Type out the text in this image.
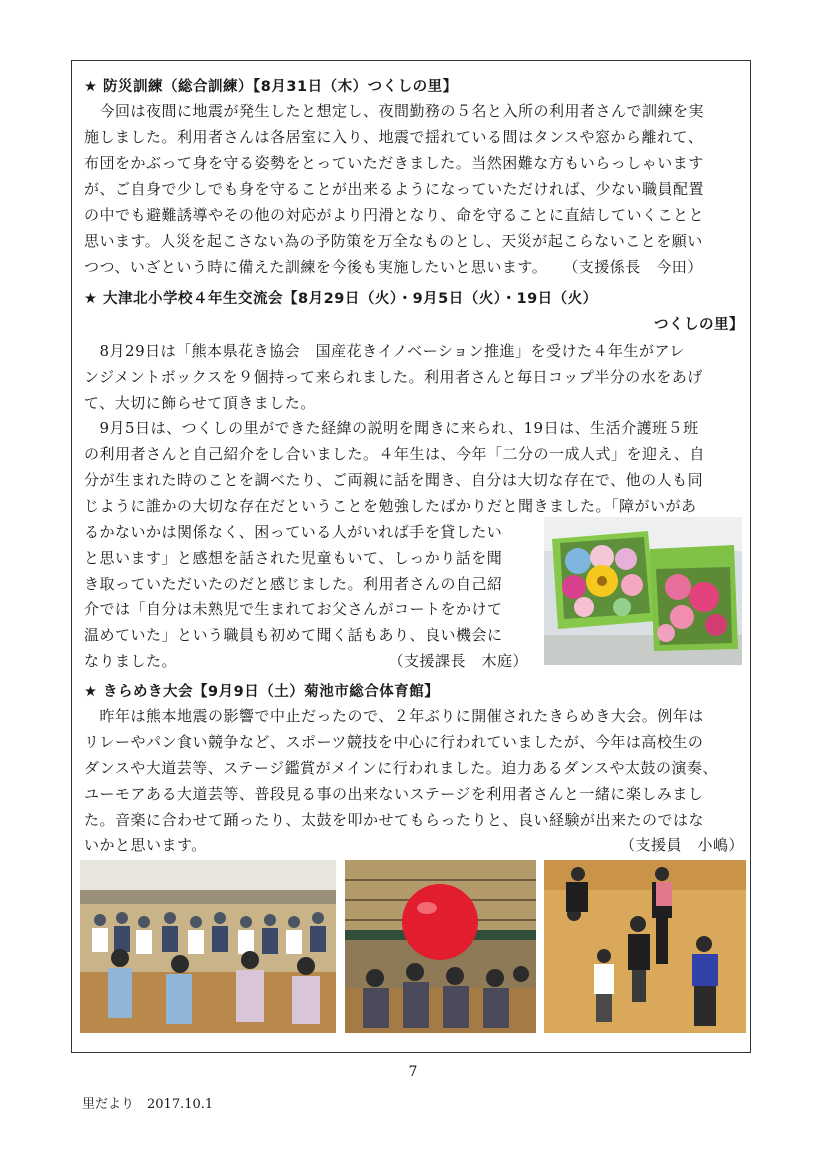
★ 防災訓練（総合訓練）【8月31日（木）つくしの里】
　今回は夜間に地震が発生したと想定し、夜間勤務の５名と入所の利用者さんで訓練を実
施しました。利用者さんは各居室に入り、地震で揺れている間はタンスや窓から離れて、
布団をかぶって身を守る姿勢をとっていただきました。当然困難な方もいらっしゃいます
が、ご自身で少しでも身を守ることが出来るようになっていただければ、少ない職員配置
の中でも避難誘導やその他の対応がより円滑となり、命を守ることに直結していくことと
思います。人災を起こさない為の予防策を万全なものとし、天災が起こらないことを願い
つつ、いざという時に備えた訓練を今後も実施したいと思います。　　（支援係長　今田）
★ 大津北小学校４年生交流会【8月29日（火）・9月5日（火）・19日（火）
つくしの里】
　8月29日は「熊本県花き協会　国産花きイノベーション推進」を受けた４年生がアレ
ンジメントボックスを９個持って来られました。利用者さんと毎日コップ半分の水をあげ
て、大切に飾らせて頂きました。
　9月5日は、つくしの里ができた経緯の説明を聞きに来られ、19日は、生活介護班５班
の利用者さんと自己紹介をし合いました。４年生は、今年「二分の一成人式」を迎え、自
分が生まれた時のことを調べたり、ご両親に話を聞き、自分は大切な存在で、他の人も同
じように誰かの大切な存在だということを勉強したばかりだと聞きました。「障がいがあ
るかないかは関係なく、困っている人がいれば手を貸したい
と思います」と感想を話された児童もいて、しっかり話を聞
き取っていただいたのだと感じました。利用者さんの自己紹
介では「自分は未熟児で生まれてお父さんがコートをかけて
温めていた」という職員も初めて聞く話もあり、良い機会に
なりました。	（支援課長　木庭）
★ きらめき大会【9月9日（土）菊池市総合体育館】
　昨年は熊本地震の影響で中止だったので、２年ぶりに開催されたきらめき大会。例年は
リレーやパン食い競争など、スポーツ競技を中心に行われていましたが、今年は高校生の
ダンスや大道芸等、ステージ鑑賞がメインに行われました。迫力あるダンスや太鼓の演奏、
ユーモアある大道芸等、普段見る事の出来ないステージを利用者さんと一緒に楽しみまし
た。音楽に合わせて踊ったり、太鼓を叩かせてもらったりと、良い経験が出来たのではな
いかと思います。	（支援員　小嶋）
7
里だより　2017.10.1
